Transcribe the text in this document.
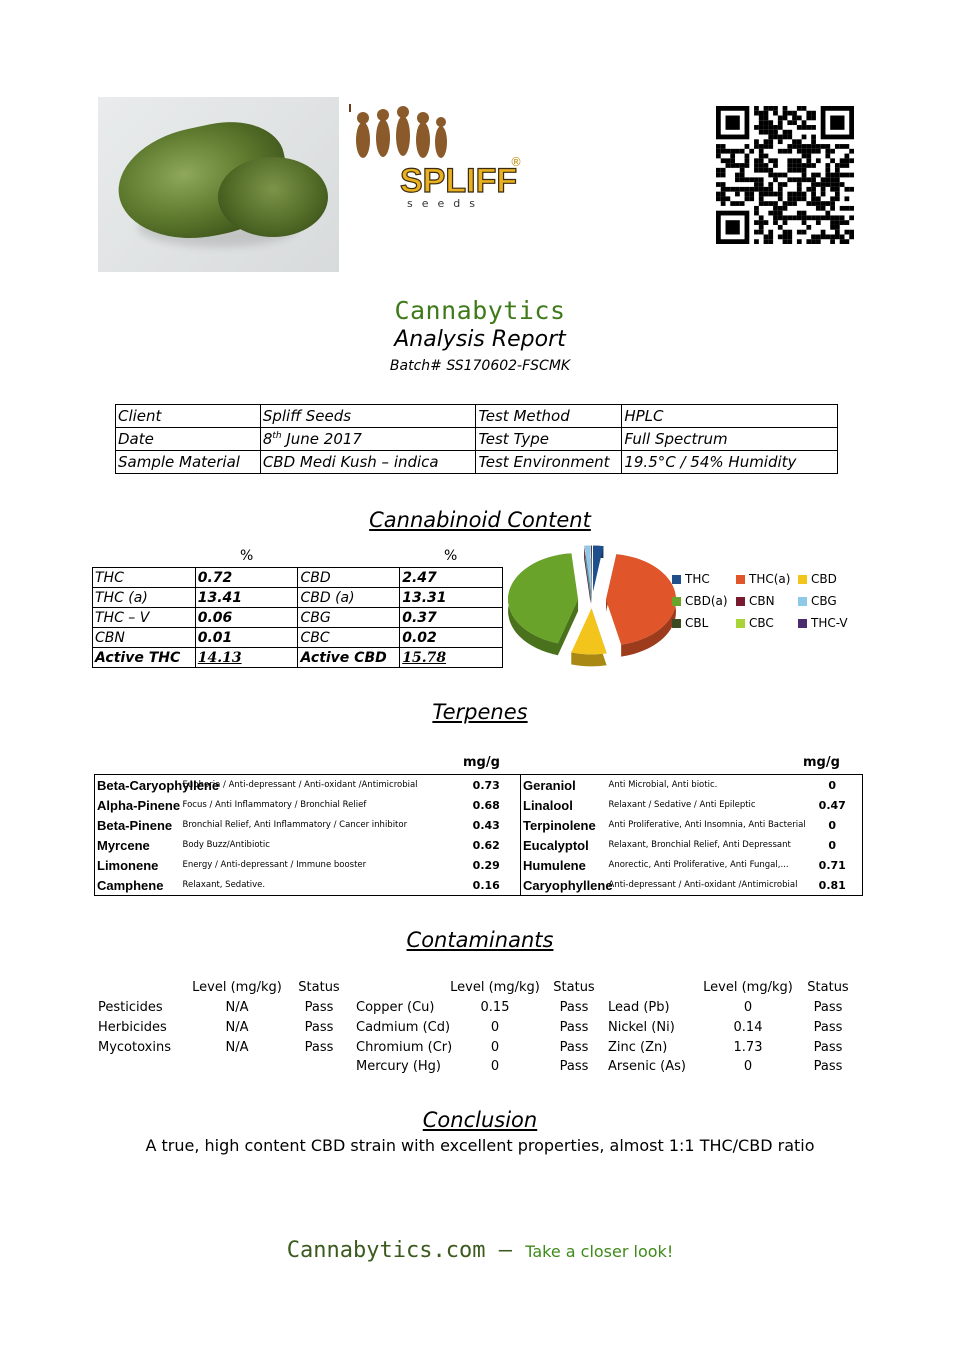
SPLIFF
®
seeds
Cannabytics
Analysis Report
Batch# SS170602-FSCMK
Client	Spliff Seeds	Test Method	HPLC
Date	8th June 2017	Test Type	Full Spectrum
Sample Material	CBD Medi Kush – indica	Test Environment	19.5°C / 54% Humidity
Cannabinoid Content
%	%
THC	0.72	CBD	2.47
THC (a)	13.41	CBD (a)	13.31
THC – V	0.06	CBG	0.37
CBN	0.01	CBC	0.02
Active THC	14.13	Active CBD	15.78
THC	THC(a) CBD
CBD(a) CBN	CBG
CBL	CBC	THC-V
Terpenes
mg/g	mg/g
Beta-Caryophyllene	Euphoria / Anti-depressant / Anti-oxidant /Antimicrobial	0.73	Geraniol	Anti Microbial, Anti biotic.	0
Alpha-Pinene	Focus / Anti Inflammatory / Bronchial Relief	0.68	Linalool	Relaxant / Sedative / Anti Epileptic	0.47
Beta-Pinene	Bronchial Relief, Anti Inflammatory / Cancer inhibitor	0.43	Terpinolene	Anti Proliferative, Anti Insomnia, Anti Bacterial	0
Myrcene	Body Buzz/Antibiotic	0.62	Eucalyptol	Relaxant, Bronchial Relief, Anti Depressant	0
Limonene	Energy / Anti-depressant / Immune booster	0.29	Humulene	Anorectic, Anti Proliferative, Anti Fungal,...	0.71
Camphene	Relaxant, Sedative.	0.16	Caryophyllene	Anti-depressant / Anti-oxidant /Antimicrobial	0.81
Contaminants
Level (mg/kg)	Status
Pesticides	N/A	Pass
Herbicides	N/A	Pass
Mycotoxins	N/A	Pass
Level (mg/kg)	Status
Copper (Cu)	0.15	Pass
Cadmium (Cd)	0	Pass
Chromium (Cr)	0	Pass
Mercury (Hg)	0	Pass
Level (mg/kg)	Status
Lead (Pb)	0	Pass
Nickel (Ni)	0.14	Pass
Zinc (Zn)	1.73	Pass
Arsenic (As)	0	Pass
Conclusion
A true, high content CBD strain with excellent properties, almost 1:1 THC/CBD ratio
Cannabytics.com – Take a closer look!
